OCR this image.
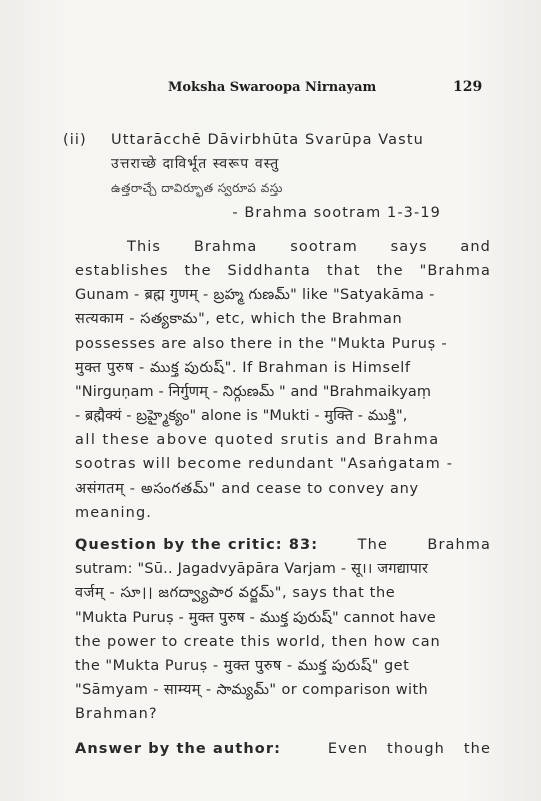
Moksha Swaroopa Nirnayam	129
(ii) Uttarācchē Dāvirbhūta Svarūpa Vastu
उत्तराच्छे दाविर्भूत स्वरूप वस्तु
ఉత్తరాచ్చే దావిర్భూత స్వరూప వస్తు
- Brahma sootram 1-3-19
This Brahma sootram says and
establishes the Siddhanta that the "Brahma
Gunam - ब्रह्म गुणम् - బ్రహ్మ గుణమ్" like "Satyakāma -
सत्यकाम - సత్యకామ", etc, which the Brahman
possesses are also there in the "Mukta Puruṣ -
मुक्त पुरुष - ముక్త పురుష్". If Brahman is Himself
"Nirguṇam - निर्गुणम् - నిర్గుణమ్ " and "Brahmaikyaṃ
- ब्रह्मैक्यं - బ్రహ్మైక్యం" alone is "Mukti - मुक्ति - ముక్తి",
all these above quoted srutis and Brahma
sootras will become redundant "Asaṅgatam -
असंगतम् - అసంగతమ్" and cease to convey any
meaning.
Question by the critic: 83:	The	Brahma
sutram: "Sū.. Jagadvyāpāra Varjam - सू।। जगद्यापार
वर्जम् - సూ।। జగద్వ్యాపార వర్జమ్", says that the
"Mukta Puruṣ - मुक्त पुरुष - ముక్త పురుష్" cannot have
the power to create this world, then how can
the "Mukta Puruṣ - मुक्त पुरुष - ముక్త పురుష్" get
"Sāmyam - साम्यम् - సామ్యమ్" or comparison with
Brahman?
Answer by the author:	Even though the
